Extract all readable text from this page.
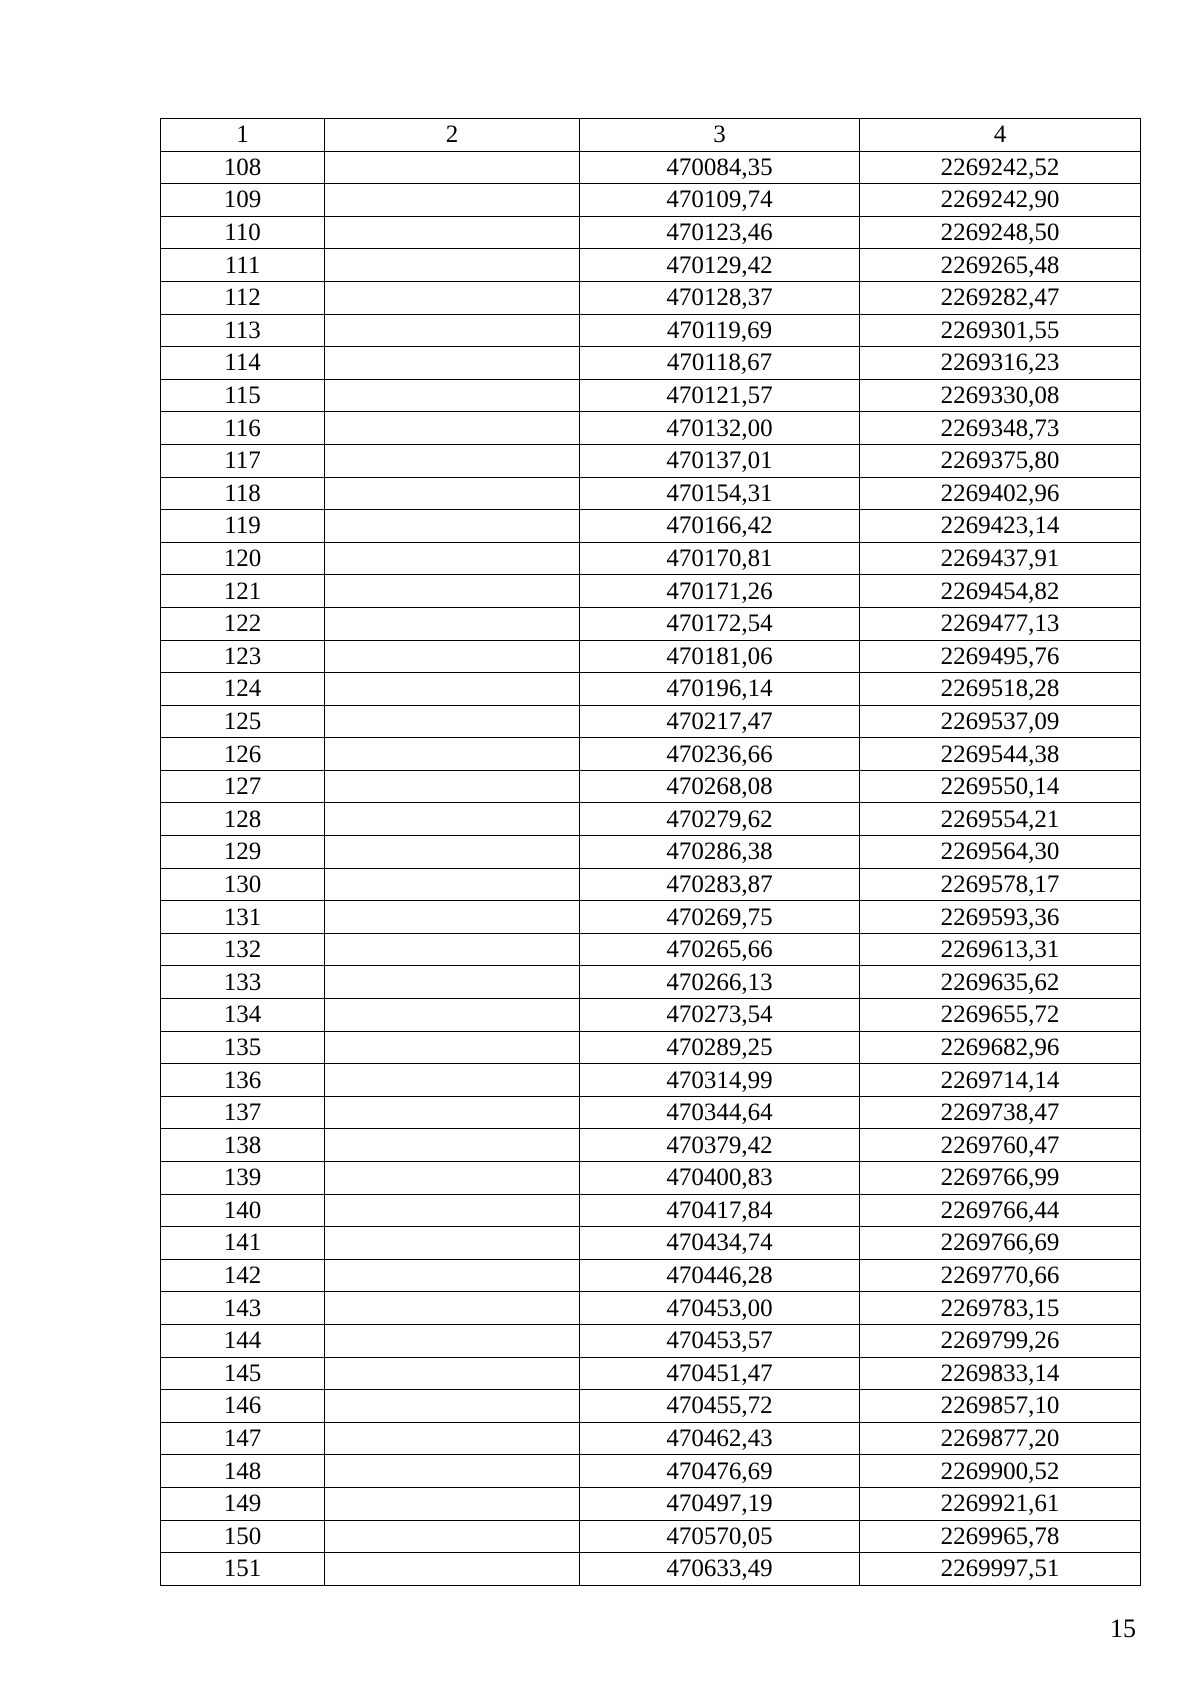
1	2	3	4
108		470084,35	2269242,52
109		470109,74	2269242,90
110		470123,46	2269248,50
111		470129,42	2269265,48
112		470128,37	2269282,47
113		470119,69	2269301,55
114		470118,67	2269316,23
115		470121,57	2269330,08
116		470132,00	2269348,73
117		470137,01	2269375,80
118		470154,31	2269402,96
119		470166,42	2269423,14
120		470170,81	2269437,91
121		470171,26	2269454,82
122		470172,54	2269477,13
123		470181,06	2269495,76
124		470196,14	2269518,28
125		470217,47	2269537,09
126		470236,66	2269544,38
127		470268,08	2269550,14
128		470279,62	2269554,21
129		470286,38	2269564,30
130		470283,87	2269578,17
131		470269,75	2269593,36
132		470265,66	2269613,31
133		470266,13	2269635,62
134		470273,54	2269655,72
135		470289,25	2269682,96
136		470314,99	2269714,14
137		470344,64	2269738,47
138		470379,42	2269760,47
139		470400,83	2269766,99
140		470417,84	2269766,44
141		470434,74	2269766,69
142		470446,28	2269770,66
143		470453,00	2269783,15
144		470453,57	2269799,26
145		470451,47	2269833,14
146		470455,72	2269857,10
147		470462,43	2269877,20
148		470476,69	2269900,52
149		470497,19	2269921,61
150		470570,05	2269965,78
151		470633,49	2269997,51
15
